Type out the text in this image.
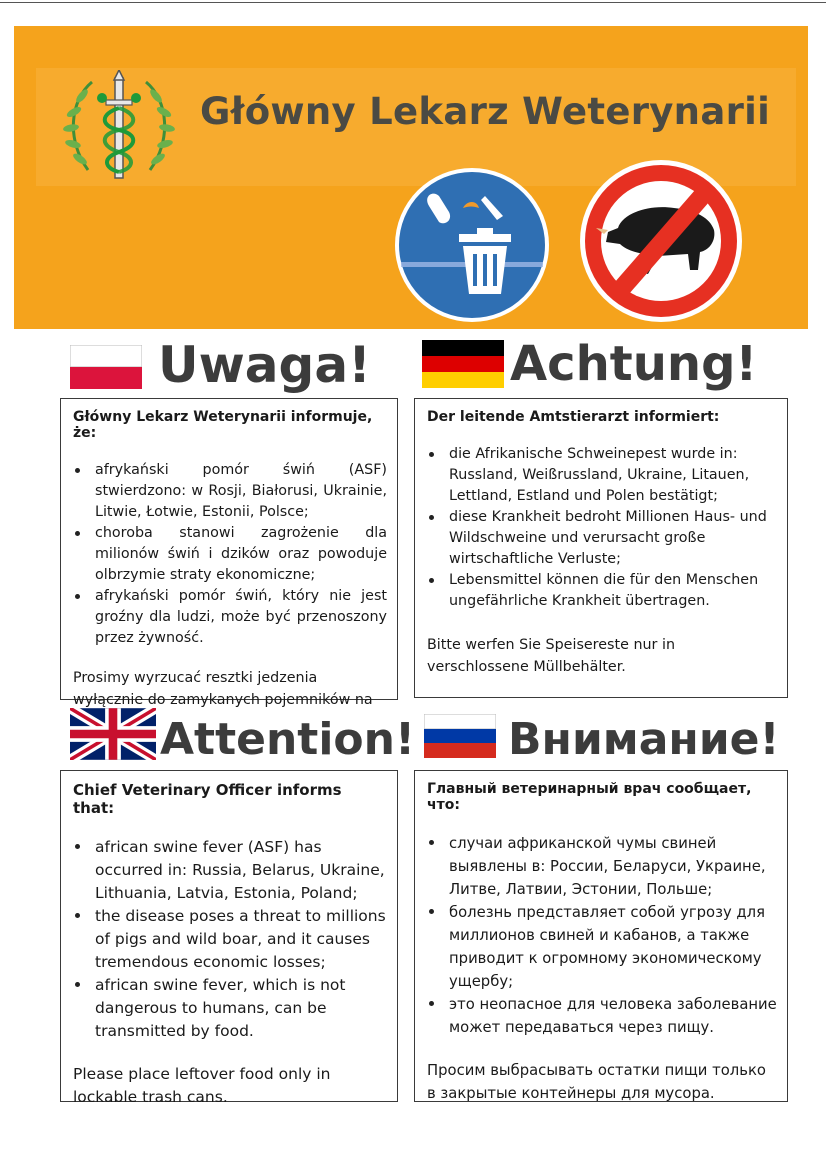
Główny Lekarz Weterynarii
Uwaga!
Główny Lekarz Weterynarii informuje, że:
afrykański pomór świń (ASF) stwierdzono: w Rosji, Białorusi, Ukrainie, Litwie, Łotwie, Estonii, Polsce;
choroba stanowi zagrożenie dla milionów świń i dzików oraz powoduje olbrzymie straty ekonomiczne;
afrykański pomór świń, który nie jest groźny dla ludzi, może być przenoszony przez żywność.

Prosimy wyrzucać resztki jedzenia wyłącznie do zamykanych pojemników na

Achtung!
Der leitende Amtstierarzt informiert:
die Afrikanische Schweinepest wurde in: Russland, Weißrussland, Ukraine, Litauen, Lettland, Estland und Polen bestätigt;
diese Krankheit bedroht Millionen Haus- und Wildschweine und verursacht große wirtschaftliche Verluste;
Lebensmittel können die für den Menschen ungefährliche Krankheit übertragen.

Bitte werfen Sie Speisereste nur in verschlossene Müllbehälter.

Attention!
Chief Veterinary Officer informs that:
african swine fever (ASF) has occurred in: Russia, Belarus, Ukraine, Lithuania, Latvia, Estonia, Poland;
the disease poses a threat to millions of pigs and wild boar, and it causes tremendous economic losses;
african swine fever, which is not dangerous to humans, can be transmitted by food.

Please place leftover food only in lockable trash cans.

Внимание!
Главный ветеринарный врач сообщает, что:
случаи африканской чумы свиней выявлены в: России, Беларуси, Украине, Литве, Латвии, Эстонии, Польше;
болезнь представляет собой угрозу для миллионов свиней и кабанов, а также приводит к огромному экономическому ущербу;
это неопасное для человека заболевание может передаваться через пищу.

Просим выбрасывать остатки пищи только в закрытые контейнеры для мусора.
